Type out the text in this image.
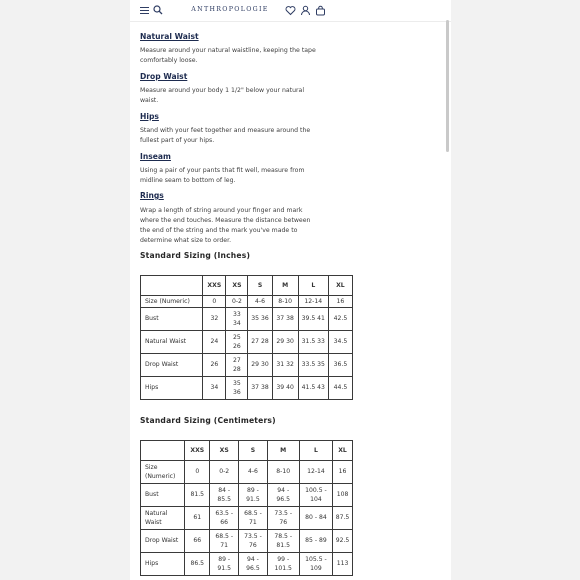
ANTHROPOLOGIE
Natural Waist
Measure around your natural waistline, keeping the tape comfortably loose.
Drop Waist
Measure around your body 1 1/2" below your natural waist.
Hips
Stand with your feet together and measure around the fullest part of your hips.
Inseam
Using a pair of your pants that fit well, measure from midline seam to bottom of leg.
Rings
Wrap a length of string around your finger and mark where the end touches. Measure the distance between the end of the string and the mark you've made to determine what size to order.
Standard Sizing (Inches)
	XXS	XS	S	M	L	XL
Size (Numeric)	0	0-2	4-6	8-10	12-14	16
Bust	32	33 34	35 36	37 38	39.5 41	42.5
Natural Waist	24	25 26	27 28	29 30	31.5 33	34.5
Drop Waist	26	27 28	29 30	31 32	33.5 35	36.5
Hips	34	35 36	37 38	39 40	41.5 43	44.5
Standard Sizing (Centimeters)
	XXS	XS	S	M	L	XL
Size (Numeric)	0	0-2	4-6	8-10	12-14	16
Bust	81.5	84 - 85.5	89 - 91.5	94 - 96.5	100.5 - 104	108
Natural Waist	61	63.5 - 66	68.5 - 71	73.5 - 76	80 - 84	87.5
Drop Waist	66	68.5 - 71	73.5 - 76	78.5 - 81.5	85 - 89	92.5
Hips	86.5	89 - 91.5	94 - 96.5	99 - 101.5	105.5 - 109	113
